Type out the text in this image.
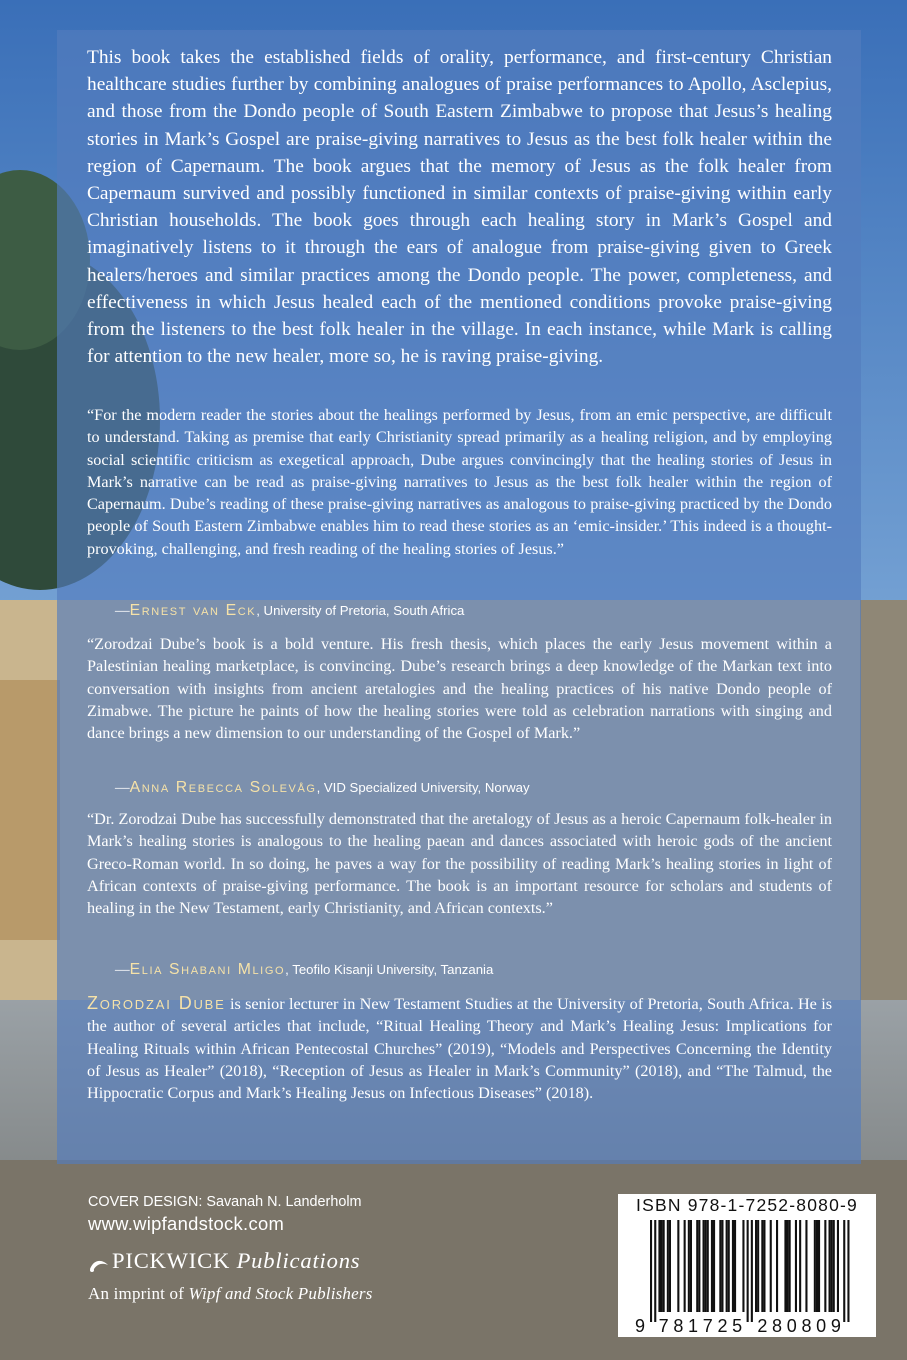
This book takes the established fields of orality, performance, and first-century Christian healthcare studies further by combining analogues of praise performances to Apollo, Asclepius, and those from the Dondo people of South Eastern Zimbabwe to propose that Jesus’s healing stories in Mark’s Gospel are praise-giving narratives to Jesus as the best folk healer within the region of Capernaum. The book argues that the memory of Jesus as the folk healer from Capernaum survived and possibly functioned in similar contexts of praise-giving within early Christian households. The book goes through each healing story in Mark’s Gospel and imaginatively listens to it through the ears of analogue from praise-giving given to Greek healers/heroes and similar practices among the Dondo people. The power, completeness, and effectiveness in which Jesus healed each of the mentioned conditions provoke praise-giving from the listeners to the best folk healer in the village. In each instance, while Mark is calling for attention to the new healer, more so, he is raving praise-giving.
“For the modern reader the stories about the healings performed by Jesus, from an emic perspective, are difficult to understand. Taking as premise that early Christianity spread primarily as a healing religion, and by employing social scientific criticism as exegetical approach, Dube argues convincingly that the healing stories of Jesus in Mark’s narrative can be read as praise-giving narratives to Jesus as the best folk healer within the region of Capernaum. Dube’s reading of these praise-giving narratives as analogous to praise-giving practiced by the Dondo people of South Eastern Zimbabwe enables him to read these stories as an ‘emic-insider.’ This indeed is a thought-provoking, challenging, and fresh reading of the healing stories of Jesus.”
—Ernest van Eck, University of Pretoria, South Africa
“Zorodzai Dube’s book is a bold venture. His fresh thesis, which places the early Jesus movement within a Palestinian healing marketplace, is convincing. Dube’s research brings a deep knowledge of the Markan text into conversation with insights from ancient aretalogies and the healing practices of his native Dondo people of Zimabwe. The picture he paints of how the healing stories were told as celebration narrations with singing and dance brings a new dimension to our understanding of the Gospel of Mark.”
—Anna Rebecca Solevåg, VID Specialized University, Norway
“Dr. Zorodzai Dube has successfully demonstrated that the aretalogy of Jesus as a heroic Capernaum folk-healer in Mark’s healing stories is analogous to the healing paean and dances associated with heroic gods of the ancient Greco-Roman world. In so doing, he paves a way for the possibility of reading Mark’s healing stories in light of African contexts of praise-giving performance. The book is an important resource for scholars and students of healing in the New Testament, early Christianity, and African contexts.”
—Elia Shabani Mligo, Teofilo Kisanji University, Tanzania
Zorodzai Dube is senior lecturer in New Testament Studies at the University of Pretoria, South Africa. He is the author of several articles that include, “Ritual Healing Theory and Mark’s Healing Jesus: Implications for Healing Rituals within African Pentecostal Churches” (2019), “Models and Perspectives Concerning the Identity of Jesus as Healer” (2018), “Reception of Jesus as Healer in Mark’s Community” (2018), and “The Talmud, the Hippocratic Corpus and Mark’s Healing Jesus on Infectious Diseases” (2018).
COVER DESIGN: Savanah N. Landerholm
www.wipfandstock.com
PICKWICK Publications
An imprint of Wipf and Stock Publishers
ISBN 978-1-7252-8080-9
9 7 8 1 7 2 5 2 8 0 8 0 9
